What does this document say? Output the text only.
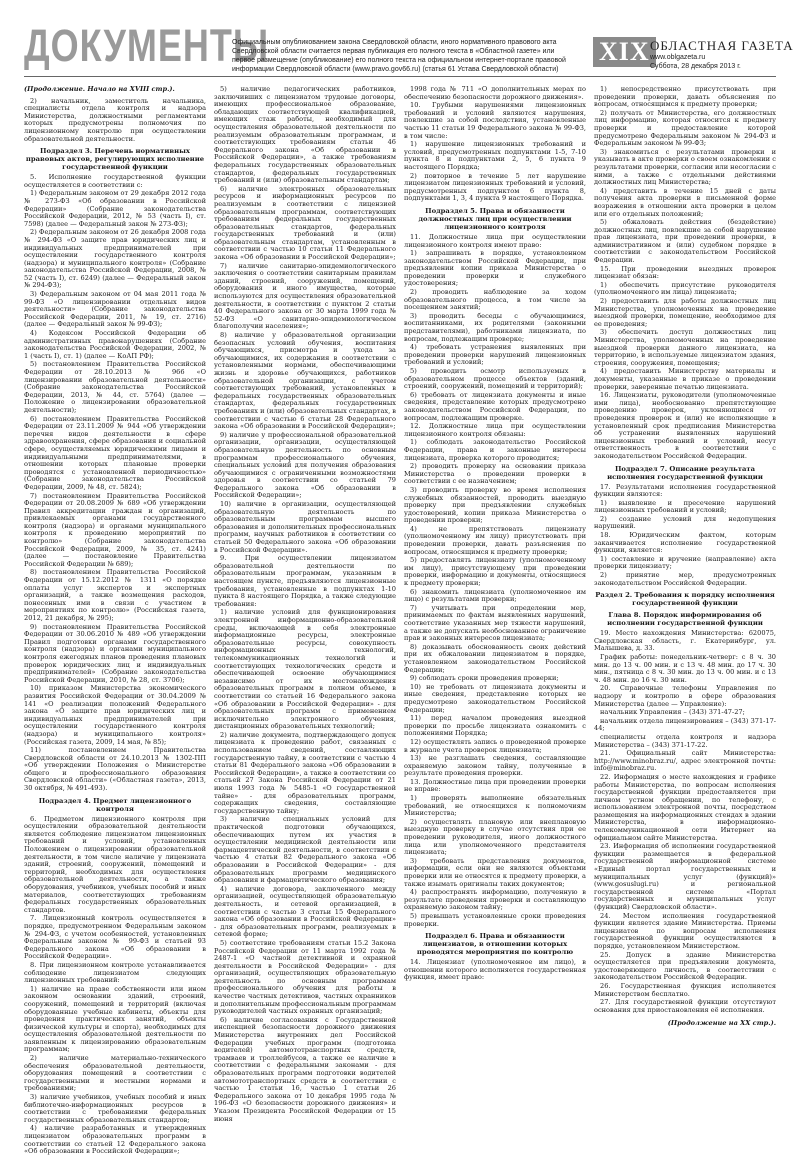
ДОКУМЕНТЫ
Официальным опубликованием закона Свердловской области, иного нормативного правового акта Свердловской области считается первая публикация его полного текста в «Областной газете» или первое размещение (опубликование) его полного текста на официальном интернет-портале правовой информации Свердловской области (www.pravo.gov66.ru) (статья 61 Устава Свердловской области)
XIX ОБЛАСТНАЯ ГАЗЕТА
www.oblgazeta.ru
Суббота, 28 декабря 2013 г.

(Продолжение. Начало на XVIII стр.).

2) начальник, заместитель начальника, специалисты отдела контроля и надзора Министерства, должностными регламентами которых предусмотрены полномочия по лицензионному контролю при осуществлении образовательной деятельности.

Подраздел 3. Перечень нормативных правовых актов, регулирующих исполнение государственной функции

5. Исполнение государственной функции осуществляется в соответствии с:

1) Федеральным законом от 29 декабря 2012 года № 273-ФЗ «Об образовании в Российской Федерации» (Собрание законодательства Российской Федерации, 2012, № 53 (часть I), ст. 7598) (далее — Федеральный закон № 273-ФЗ);

2) Федеральным законом от 26 декабря 2008 года № 294-ФЗ «О защите прав юридических лиц и индивидуальных предпринимателей при осуществлении государственного контроля (надзора) и муниципального контроля» (Собрание законодательства Российской Федерации, 2008, № 52 (часть I), ст. 6249) (далее — Федеральный закон № 294-ФЗ);

3) Федеральным законом от 04 мая 2011 года № 99-ФЗ «О лицензировании отдельных видов деятельности» (Собрание законодательства Российской Федерации, 2011, № 19, ст. 2716) (далее — Федеральный закон № 99-ФЗ);

4) Кодексом Российской Федерации об административных правонарушениях (Собрание законодательства Российской Федерации, 2002, № 1 (часть I), ст. 1) (далее — КоАП РФ);

5) постановлением Правительства Российской Федерации от 28.10.2013 № 966 «О лицензировании образовательной деятельности» (Собрание законодательства Российской Федерации, 2013, № 44, ст. 5764) (далее — Положение о лицензировании образовательной деятельности);

6) постановлением Правительства Российской Федерации от 23.11.2009 № 944 «Об утверждении перечня видов деятельности в сфере здравоохранения, сфере образования и социальной сфере, осуществляемых юридическими лицами и индивидуальными предпринимателями, в отношении которых плановые проверки проводятся с установленной периодичностью» (Собрание законодательства Российской Федерации, 2009, № 48, ст. 5824);

7) постановлением Правительства Российской Федерации от 20.08.2009 № 689 «Об утверждении Правил аккредитации граждан и организаций, привлекаемых органами государственного контроля (надзора) и органами муниципального контроля к проведению мероприятий по контролю» (Собрание законодательства Российской Федерации, 2009, № 35, ст. 4241) (далее — постановление Правительства Российской Федерации № 689);

8) постановлением Правительства Российской Федерации от 15.12.2012 № 1311 «О порядке оплаты услуг экспертов и экспертных организаций, а также возмещения расходов, понесенных ими в связи с участием в мероприятиях по контролю» (Российская газета, 2012, 21 декабря, № 295);

9) постановлением Правительства Российской Федерации от 30.06.2010 № 489 «Об утверждении Правил подготовки органами государственного контроля (надзора) и органами муниципального контроля ежегодных планов проведения плановых проверок юридических лиц и индивидуальных предпринимателей» (Собрание законодательства Российской Федерации, 2010, № 28, ст. 3706);

10) приказом Министерства экономического развития Российской Федерации от 30.04.2009 № 141 «О реализации положений Федерального закона «О защите прав юридических лиц и индивидуальных предпринимателей при осуществлении государственного контроля (надзора) и муниципального контроля» (Российская газета, 2009, 14 мая, № 85);

11) постановлением Правительства Свердловской области от 24.10.2013 № 1302-ПП «Об утверждении Положения о Министерстве общего и профессионального образования Свердловской области» («Областная газета», 2013, 30 октября, № 491-493).

Подраздел 4. Предмет лицензионного контроля

6. Предметом лицензионного контроля при осуществлении образовательной деятельности является соблюдение лицензиатом лицензионных требований и условий, установленных Положением о лицензировании образовательной деятельности, в том числе наличие у лицензиата зданий, строений, сооружений, помещений и территорий, необходимых для осуществления образовательной деятельности, а также оборудования, учебников, учебных пособий и иных материалов, соответствующих требованиям федеральных государственных образовательных стандартов.

7. Лицензионный контроль осуществляется в порядке, предусмотренном Федеральным законом № 294-ФЗ, с учетом особенностей, установленных Федеральным законом № 99-ФЗ и статьей 93 Федерального закона «Об образовании в Российской Федерации».

8. При лицензионном контроле устанавливается соблюдение лицензиатом следующих лицензионных требований:

1) наличие на праве собственности или ином законном основании зданий, строений, сооружений, помещений и территорий (включая оборудованные учебные кабинеты, объекты для проведения практических занятий, объекты физической культуры и спорта), необходимых для осуществления образовательной деятельности по заявленным к лицензированию образовательным программам;

2) наличие материально-технического обеспечения образовательной деятельности, оборудования помещений в соответствии с государственными и местными нормами и требованиями;

3) наличие учебников, учебных пособий и иных библиотечно-информационных ресурсов в соответствии с требованиями федеральных государственных образовательных стандартов;

4) наличие разработанных и утвержденных лицензиатом образовательных программ в соответствии со статьей 12 Федерального закона «Об образовании в Российской Федерации»;

5) наличие педагогических работников, заключивших с лицензиатом трудовые договоры, имеющих профессиональное образование, обладающих соответствующей квалификацией, имеющих стаж работы, необходимый для осуществления образовательной деятельности по реализуемым образовательным программам, и соответствующих требованиям статьи 46 Федерального закона «Об образовании в Российской Федерации», а также требованиям федеральных государственных образовательных стандартов, федеральных государственных требований и (или) образовательным стандартам;

6) наличие электронных образовательных ресурсов и информационных ресурсов по реализуемым в соответствии с лицензией образовательным программам, соответствующих требованиям федеральных государственных образовательных стандартов, федеральных государственных требований и (или) образовательным стандартам, установленным в соответствии с частью 10 статьи 11 Федерального закона «Об образовании в Российской Федерации»;

7) наличие санитарно-эпидемиологического заключения о соответствии санитарным правилам зданий, строений, сооружений, помещений, оборудования и иного имущества, которые используются для осуществления образовательной деятельности, в соответствии с пунктом 2 статьи 40 Федерального закона от 30 марта 1999 года № 52-ФЗ «О санитарно-эпидемиологическом благополучии населения»;

8) наличие у образовательной организации безопасных условий обучения, воспитания обучающихся, присмотра и ухода за обучающимися, их содержания в соответствии с установленными нормами, обеспечивающими жизнь и здоровье обучающихся, работников образовательной организации, с учетом соответствующих требований, установленных в федеральных государственных образовательных стандартах, федеральных государственных требованиях и (или) образовательных стандартах, в соответствии с частью 6 статьи 28 Федерального закона «Об образовании в Российской Федерации»;

9) наличие у профессиональной образовательной организации, организации, осуществляющей образовательную деятельность по основным программам профессионального обучения, специальных условий для получения образования обучающимися с ограниченными возможностями здоровья в соответствии со статьей 79 Федерального закона «Об образовании в Российской Федерации»;

10) наличие в организации, осуществляющей образовательную деятельность по образовательным программам высшего образования и дополнительных профессиональных программ, научных работников в соответствии со статьей 50 Федерального закона «Об образовании в Российской Федерации».

9. При осуществлении лицензиатом образовательной деятельности по образовательным программам, указанным в настоящем пункте, предъявляются лицензионные требования, установленные в подпунктах 1-10 пункта 8 настоящего Порядка, а также следующие требования:

1) наличие условий для функционирования электронной информационно-образовательной среды, включающей в себя электронные информационные ресурсы, электронные образовательные ресурсы, совокупность информационных технологий, телекоммуникационных технологий и соответствующих технологических средств и обеспечивающей освоение обучающимися независимо от их местонахождения образовательных программ в полном объеме, в соответствии со статьей 16 Федерального закона «Об образовании в Российской Федерации» - для образовательных программ с применением исключительно электронного обучения, дистанционных образовательных технологий;

2) наличие документа, подтверждающего допуск лицензиата к проведению работ, связанных с использованием сведений, составляющих государственную тайну, в соответствии с частью 4 статьи 81 Федерального закона «Об образовании в Российской Федерации», а также в соответствии со статьей 27 Закона Российской Федерации от 21 июля 1993 года № 5485-1 «О государственной тайне» - для образовательных программ, содержащих сведения, составляющие государственную тайну;

3) наличие специальных условий для практической подготовки обучающихся, обеспечивающих путем их участия в осуществлении медицинской деятельности или фармацевтической деятельности, в соответствии с частью 4 статьи 82 Федерального закона «Об образовании в Российской Федерации» - для образовательных программ медицинского образования и фармацевтического образования;

4) наличие договора, заключенного между организацией, осуществляющей образовательную деятельность, и сетевой организацией, в соответствии с частью 3 статьи 15 Федерального закона «Об образовании в Российской Федерации» - для образовательных программ, реализуемых в сетевой форме;

5) соответствие требованиям статьи 15.2 Закона Российской Федерации от 11 марта 1992 года № 2487-1 «О частной детективной и охранной деятельности в Российской Федерации» - для организаций, осуществляющих образовательную деятельность по основным программам профессионального обучения для работы в качестве частных детективов, частных охранников и дополнительным профессиональным программам руководителей частных охранных организаций;

6) наличие согласования с Государственной инспекцией безопасности дорожного движения Министерства внутренних дел Российской Федерации учебных программ (подготовка водителей) автомототранспортных средств, трамваев и троллейбусов, а также ее наличие в соответствии с федеральными законами - для образовательных программ подготовки водителей автомототранспортных средств в соответствии с частью 1 статьи 16, частью 1 статьи 26 Федерального закона от 10 декабря 1995 года № 196-ФЗ «О безопасности дорожного движения» и Указом Президента Российской Федерации от 15 июня

1998 года № 711 «О дополнительных мерах по обеспечению безопасности дорожного движения».

10. Грубыми нарушениями лицензионных требований и условий являются нарушения, повлекшие за собой последствия, установленные частью 11 статьи 19 Федерального закона № 99-ФЗ, в том числе:

1) нарушение лицензионных требований и условий, предусмотренных подпунктами 1-5, 7-10 пункта 8 и подпунктами 2, 5, 6 пункта 9 настоящего Порядка;

2) повторное в течение 5 лет нарушение лицензиатом лицензионных требований и условий, предусмотренных подпунктом 6 пункта 8, подпунктами 1, 3, 4 пункта 9 настоящего Порядка.

Подраздел 5. Права и обязанности должностных лиц при осуществлении лицензионного контроля

11. Должностные лица при осуществлении лицензионного контроля имеют право:

1) запрашивать в порядке, установленном законодательством Российской Федерации, при предъявлении копии приказа Министерства о проведении проверки и служебного удостоверения;

2) проводить наблюдение за ходом образовательного процесса, в том числе за посещением занятий;

3) проводить беседы с обучающимися, воспитанниками, их родителями (законными представителями), работниками лицензиата, по вопросам, подлежащим проверке;

4) требовать устранения выявленных при проведении проверки нарушений лицензионных требований и условий;

5) проводить осмотр используемых в образовательном процессе объектов (зданий, строений, сооружений, помещений и территорий);

6) требовать от лицензиата документы и иные сведения, представление которых предусмотрено законодательством Российской Федерации, по вопросам, подлежащим проверке.

12. Должностные лица при осуществлении лицензионного контроля обязаны:

1) соблюдать законодательство Российской Федерации, права и законные интересы лицензиата, проверка которого проводится;

2) проводить проверку на основании приказа Министерства о проведении проверки в соответствии с ее назначением;

3) проводить проверку во время исполнения служебных обязанностей, проводить выездную проверку при предъявлении служебных удостоверений, копии приказа Министерства о проведении проверки;

4) не препятствовать лицензиату (уполномоченному им лицу) присутствовать при проведении проверки, давать разъяснения по вопросам, относящимся к предмету проверки;

5) предоставлять лицензиату (уполномоченному им лицу), присутствующему при проведении проверки, информацию и документы, относящиеся к предмету проверки;

6) знакомить лицензиата (уполномоченное им лицо) с результатами проверки;

7) учитывать при определении мер, принимаемых по фактам выявленных нарушений, соответствие указанных мер тяжести нарушений, а также не допускать необоснованное ограничение прав и законных интересов лицензиата;

8) доказывать обоснованность своих действий при их обжаловании лицензиатом в порядке, установленном законодательством Российской Федерации;

9) соблюдать сроки проведения проверки;

10) не требовать от лицензиата документы и иные сведения, представление которых не предусмотрено законодательством Российской Федерации;

11) перед началом проведения выездной проверки по просьбе лицензиата ознакомить с положениями Порядка;

12) осуществлять запись о проведенной проверке в журнале учета проверок лицензиата;

13) не разглашать сведения, составляющие охраняемую законом тайну, полученные в результате проведения проверки.

13. Должностные лица при проведении проверки не вправе:

1) проверять выполнение обязательных требований, не относящихся к полномочиям Министерства;

2) осуществлять плановую или внеплановую выездную проверку в случае отсутствия при ее проведении руководителя, иного должностного лица или уполномоченного представителя лицензиата;

3) требовать представления документов, информации, если они не являются объектами проверки или не относятся к предмету проверки, а также изымать оригиналы таких документов;

4) распространять информацию, полученную в результате проведения проверки и составляющую охраняемую законом тайну;

5) превышать установленные сроки проведения проверки.

Подраздел 6. Права и обязанности лицензиатов, в отношении которых проводятся мероприятия по контролю

14. Лицензиат (уполномоченное им лицо), в отношении которого исполняется государственная функция, имеет право:

1) непосредственно присутствовать при проведении проверки, давать объяснения по вопросам, относящимся к предмету проверки;

2) получать от Министерства, его должностных лиц информацию, которая относится к предмету проверки и предоставление которой предусмотрено Федеральным законом № 294-ФЗ и Федеральным законом № 99-ФЗ;

3) знакомиться с результатами проверки и указывать в акте проверки о своем ознакомлении с результатами проверки, согласии или несогласии с ними, а также с отдельными действиями должностных лиц Министерства;

4) представить в течение 15 дней с даты получения акта проверки в письменной форме возражения в отношении акта проверки в целом или его отдельных положений;

5) обжаловать действия (бездействие) должностных лиц, повлекшие за собой нарушение прав лицензиата, при проведении проверки, в административном и (или) судебном порядке в соответствии с законодательством Российской Федерации.

15. При проведении выездных проверок лицензиат обязан:

1) обеспечить присутствие руководителя (уполномоченного им лица) лицензиата;

2) предоставить для работы должностных лиц Министерства, уполномоченных на проведение выездной проверки, помещение, необходимое для ее проведения;

3) обеспечить доступ должностных лиц Министерства, уполномоченных на проведение выездной проверки данного лицензиата, на территорию, в используемые лицензиатом здания, строения, сооружения, помещения;

4) предоставить Министерству материалы и документы, указанные в приказе о проведении проверки, заверенные печатью лицензиата.

16. Лицензиаты, руководители (уполномоченные ими лица), необоснованно препятствующие проведению проверок, уклоняющиеся от проведения проверок и (или) не исполняющие в установленный срок предписания Министерства об устранении выявленных нарушений лицензионных требований и условий, несут ответственность в соответствии с законодательством Российской Федерации.

Подраздел 7. Описание результата исполнения государственной функции

17. Результатами исполнения государственной функции являются:

1) выявление и пресечение нарушений лицензионных требований и условий;

2) создание условий для недопущения нарушений.

18. Юридическим фактом, которым заканчивается исполнение государственной функции, является:

1) составление и вручение (направление) акта проверки лицензиату;

2) принятие мер, предусмотренных законодательством Российской Федерации.

Раздел 2. Требования к порядку исполнения государственной функции
Глава 8. Порядок информирования об исполнении государственной функции

19. Место нахождения Министерства: 620075, Свердловская область, г. Екатеринбург, ул. Малышева, д. 33.

График работы: понедельник-четверг: с 8 ч. 30 мин. до 13 ч. 00 мин. и с 13 ч. 48 мин. до 17 ч. 30 мин., пятница с 8 ч. 30 мин. до 13 ч. 00 мин. и с 13 ч. 48 мин. до 16 ч. 30 мин.

20. Справочные телефоны Управления по надзору и контролю в сфере образования Министерства (далее — Управление):

начальник Управления – (343) 371-47-27;

начальник отдела лицензирования – (343) 371-17-44;

специалисты отдела контроля и надзора Министерства – (343) 371-17-22.

21. Официальный сайт Министерства: http://www.minobraz.ru/, адрес электронной почты: info@minobraz.ru.

22. Информация о месте нахождения и графике работы Министерства, по вопросам исполнения государственной функции предоставляется при личном устном обращении, по телефону, с использованием электронной почты, посредством размещения на информационных стендах в здании Министерства, в информационно-телекоммуникационной сети Интернет на официальном сайте Министерства.

23. Информация об исполнении государственной функции размещается в федеральной государственной информационной системе «Единый портал государственных и муниципальных услуг (функций)» (www.gosuslugi.ru) и региональной государственной системе «Портал государственных и муниципальных услуг (функций) Свердловской области».

24. Местом исполнения государственной функции является здание Министерства. Приемы лицензиатов по вопросам исполнения государственной функции осуществляются в порядке, установленном Министерством.

25. Допуск в здание Министерства осуществляется при предъявлении документа, удостоверяющего личность, в соответствии с законодательством Российской Федерации.

26. Государственная функция исполняется Министерством бесплатно.

27. Для государственной функции отсутствуют основания для приостановления её исполнения.

(Продолжение на XX стр.).
